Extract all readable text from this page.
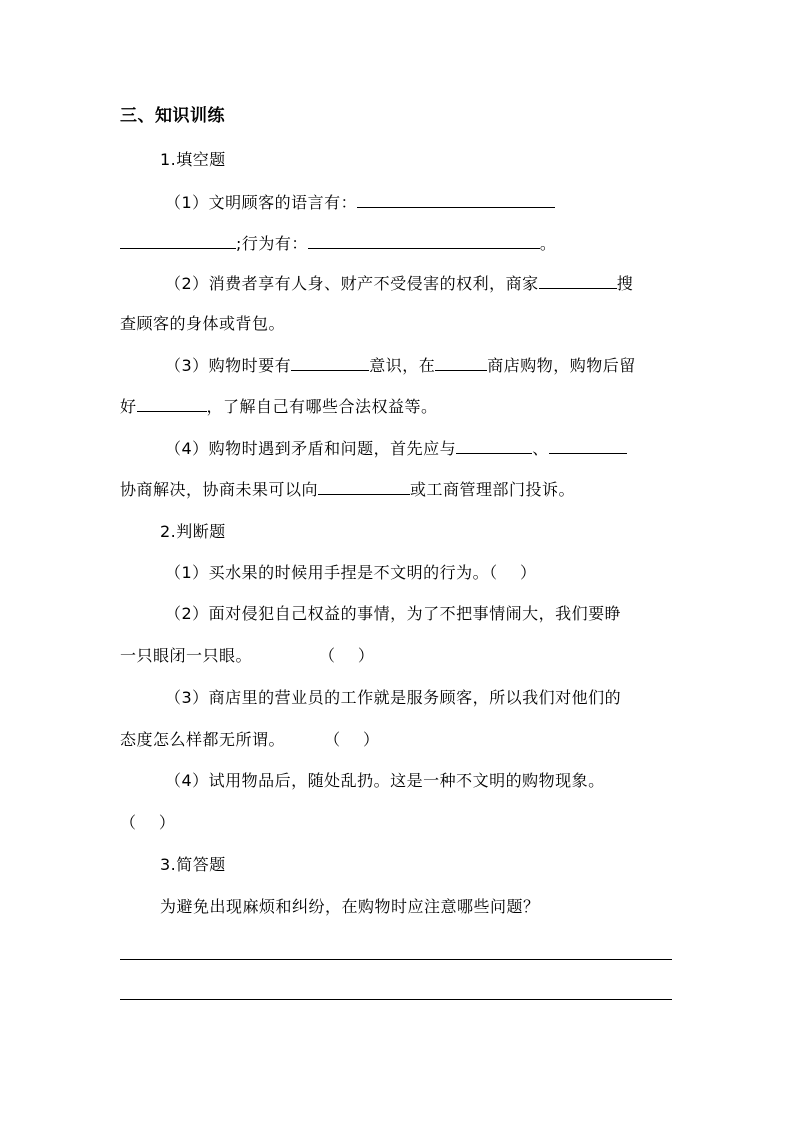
三、知识训练
1.填空题
（1）文明顾客的语言有：
;行为有：	。
（2）消费者享有人身、财产不受侵害的权利，商家	搜
查顾客的身体或背包。
（3）购物时要有	意识，在	商店购物，购物后留
好	，了解自己有哪些合法权益等。
（4）购物时遇到矛盾和问题，首先应与	、
协商解决，协商未果可以向	或工商管理部门投诉。
2.判断题
（1）买水果的时候用手捏是不文明的行为。（    ）
（2）面对侵犯自己权益的事情，为了不把事情闹大，我们要睁
一只眼闭一只眼。            （    ）
（3）商店里的营业员的工作就是服务顾客，所以我们对他们的
态度怎么样都无所谓。       （    ）
（4）试用物品后，随处乱扔。这是一种不文明的购物现象。
（    ）
3.简答题
为避免出现麻烦和纠纷，在购物时应注意哪些问题？
